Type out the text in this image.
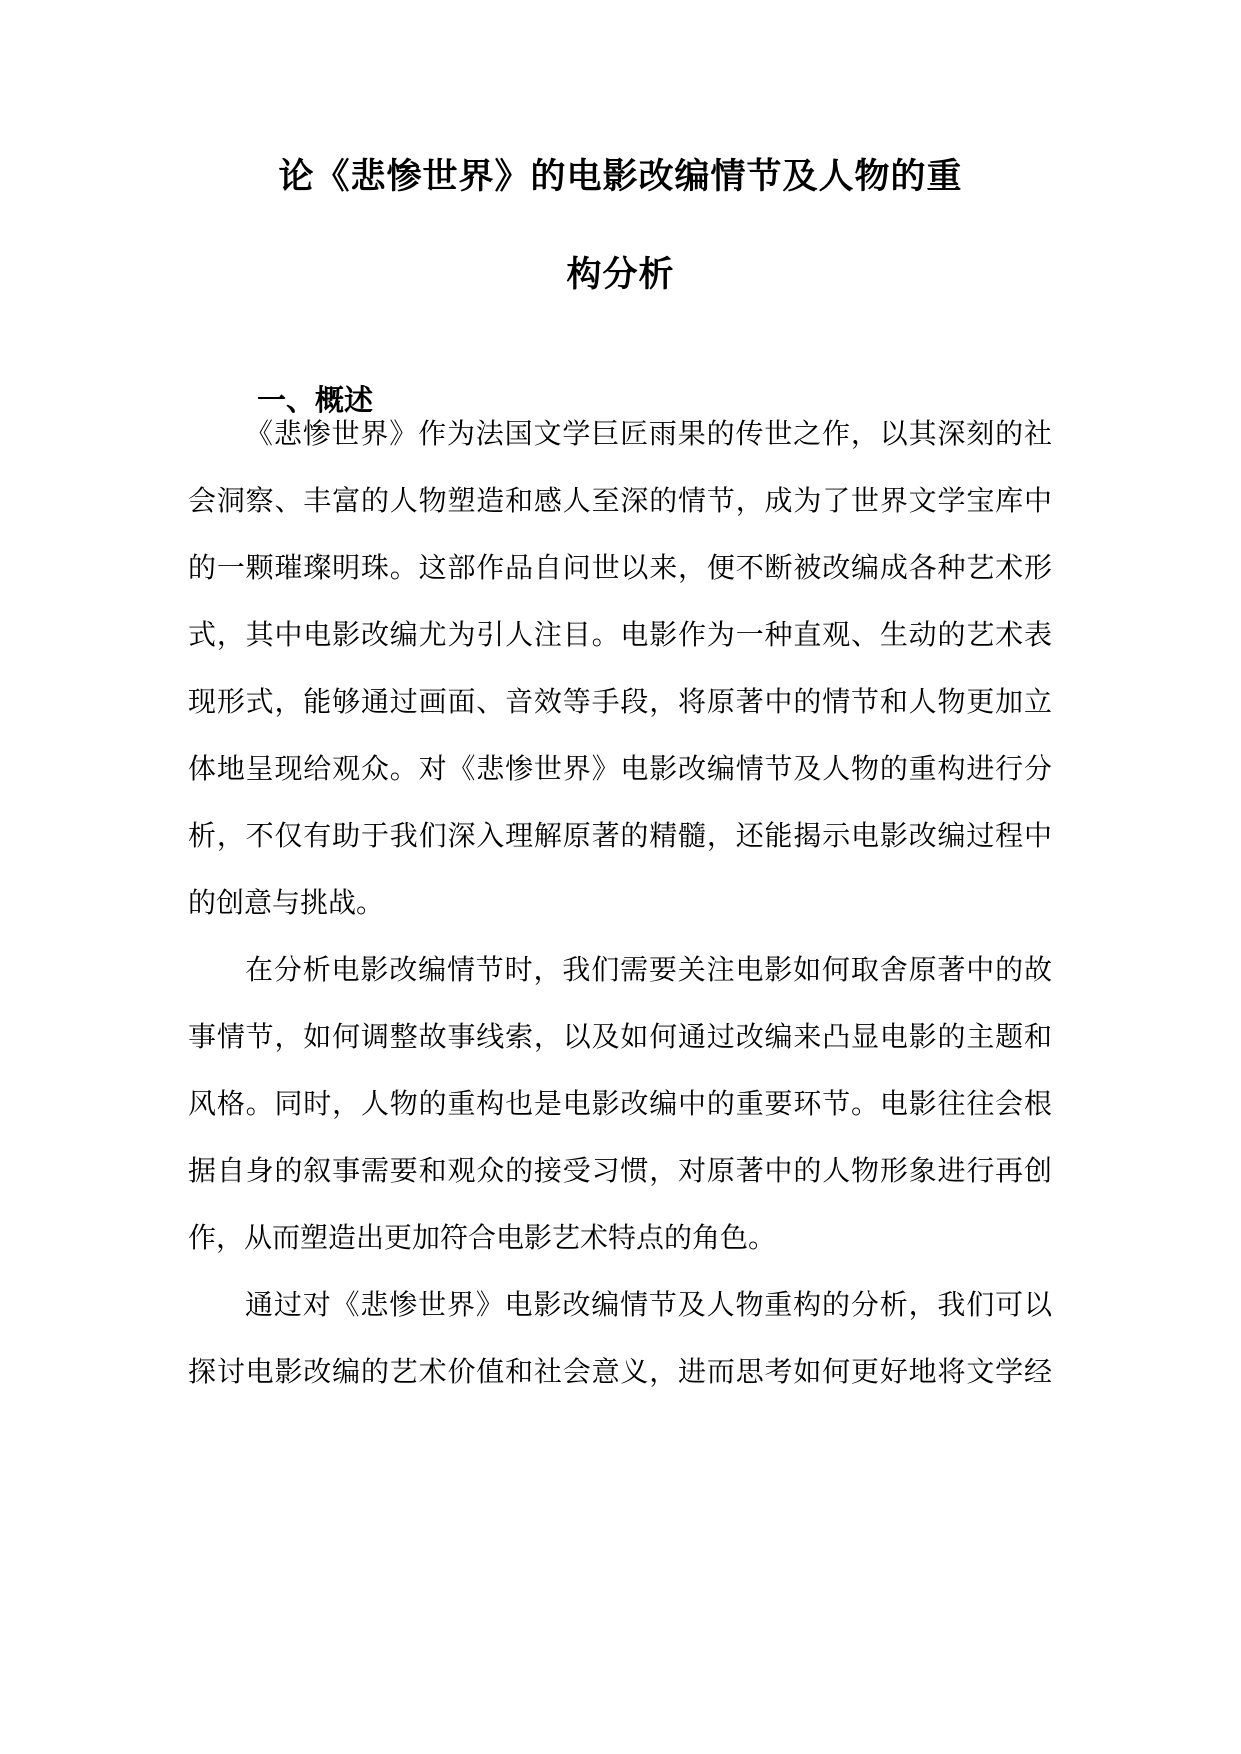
论《悲惨世界》的电影改编情节及人物的重
构分析
一、概述
《悲惨世界》作为法国文学巨匠雨果的传世之作，以其深刻的社
会洞察、丰富的人物塑造和感人至深的情节，成为了世界文学宝库中
的一颗璀璨明珠。这部作品自问世以来，便不断被改编成各种艺术形
式，其中电影改编尤为引人注目。电影作为一种直观、生动的艺术表
现形式，能够通过画面、音效等手段，将原著中的情节和人物更加立
体地呈现给观众。对《悲惨世界》电影改编情节及人物的重构进行分
析，不仅有助于我们深入理解原著的精髓，还能揭示电影改编过程中
的创意与挑战。
在分析电影改编情节时，我们需要关注电影如何取舍原著中的故
事情节，如何调整故事线索，以及如何通过改编来凸显电影的主题和
风格。同时，人物的重构也是电影改编中的重要环节。电影往往会根
据自身的叙事需要和观众的接受习惯，对原著中的人物形象进行再创
作，从而塑造出更加符合电影艺术特点的角色。
通过对《悲惨世界》电影改编情节及人物重构的分析，我们可以
探讨电影改编的艺术价值和社会意义，进而思考如何更好地将文学经
